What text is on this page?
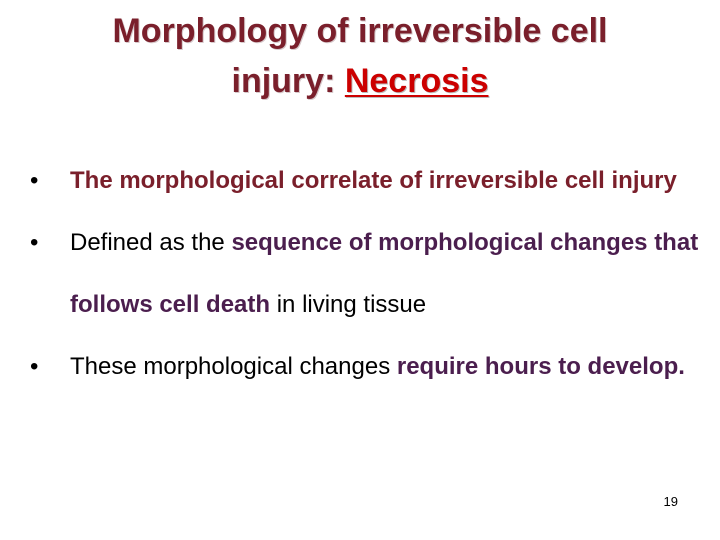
Morphology of irreversible cell
injury: Necrosis
•	The morphological correlate of irreversible cell injury
•	Defined as the sequence of morphological changes that follows cell death in living tissue
•	These morphological changes require hours to develop.
19
